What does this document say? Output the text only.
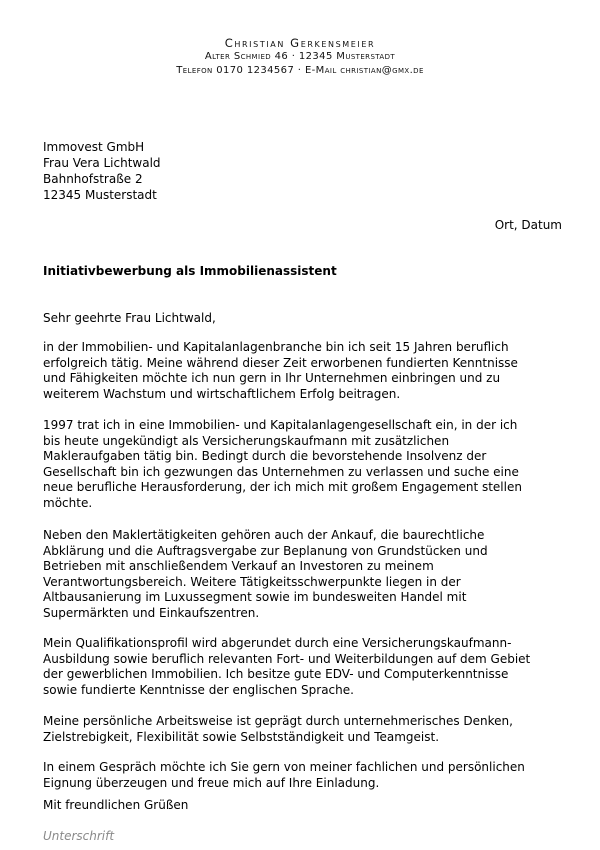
Christian Gerkensmeier
Alter Schmied 46 · 12345 Musterstadt
Telefon 0170 1234567 · E-Mail christian@gmx.de
Immovest GmbH
Frau Vera Lichtwald
Bahnhofstraße 2
12345 Musterstadt
Ort, Datum
Initiativbewerbung als Immobilienassistent
Sehr geehrte Frau Lichtwald,
in der Immobilien- und Kapitalanlagenbranche bin ich seit 15 Jahren beruflich
erfolgreich tätig. Meine während dieser Zeit erworbenen fundierten Kenntnisse
und Fähigkeiten möchte ich nun gern in Ihr Unternehmen einbringen und zu
weiterem Wachstum und wirtschaftlichem Erfolg beitragen.
1997 trat ich in eine Immobilien- und Kapitalanlagengesellschaft ein, in der ich
bis heute ungekündigt als Versicherungskaufmann mit zusätzlichen
Maklerаufgaben tätig bin. Bedingt durch die bevorstehende Insolvenz der
Gesellschaft bin ich gezwungen das Unternehmen zu verlassen und suche eine
neue berufliche Herausforderung, der ich mich mit großem Engagement stellen
möchte.
Neben den Maklertätigkeiten gehören auch der Ankauf, die baurechtliche
Abklärung und die Auftragsvergabe zur Beplanung von Grundstücken und
Betrieben mit anschließendem Verkauf an Investoren zu meinem
Verantwortungsbereich. Weitere Tätigkeitsschwerpunkte liegen in der
Altbausanierung im Luxussegment sowie im bundesweiten Handel mit
Supermärkten und Einkaufszentren.
Mein Qualifikationsprofil wird abgerundet durch eine Versicherungskaufmann-
Ausbildung sowie beruflich relevanten Fort- und Weiterbildungen auf dem Gebiet
der gewerblichen Immobilien. Ich besitze gute EDV- und Computerkenntnisse
sowie fundierte Kenntnisse der englischen Sprache.
Meine persönliche Arbeitsweise ist geprägt durch unternehmerisches Denken,
Zielstrebigkeit, Flexibilität sowie Selbstständigkeit und Teamgeist.
In einem Gespräch möchte ich Sie gern von meiner fachlichen und persönlichen
Eignung überzeugen und freue mich auf Ihre Einladung.
Mit freundlichen Grüßen
Unterschrift
